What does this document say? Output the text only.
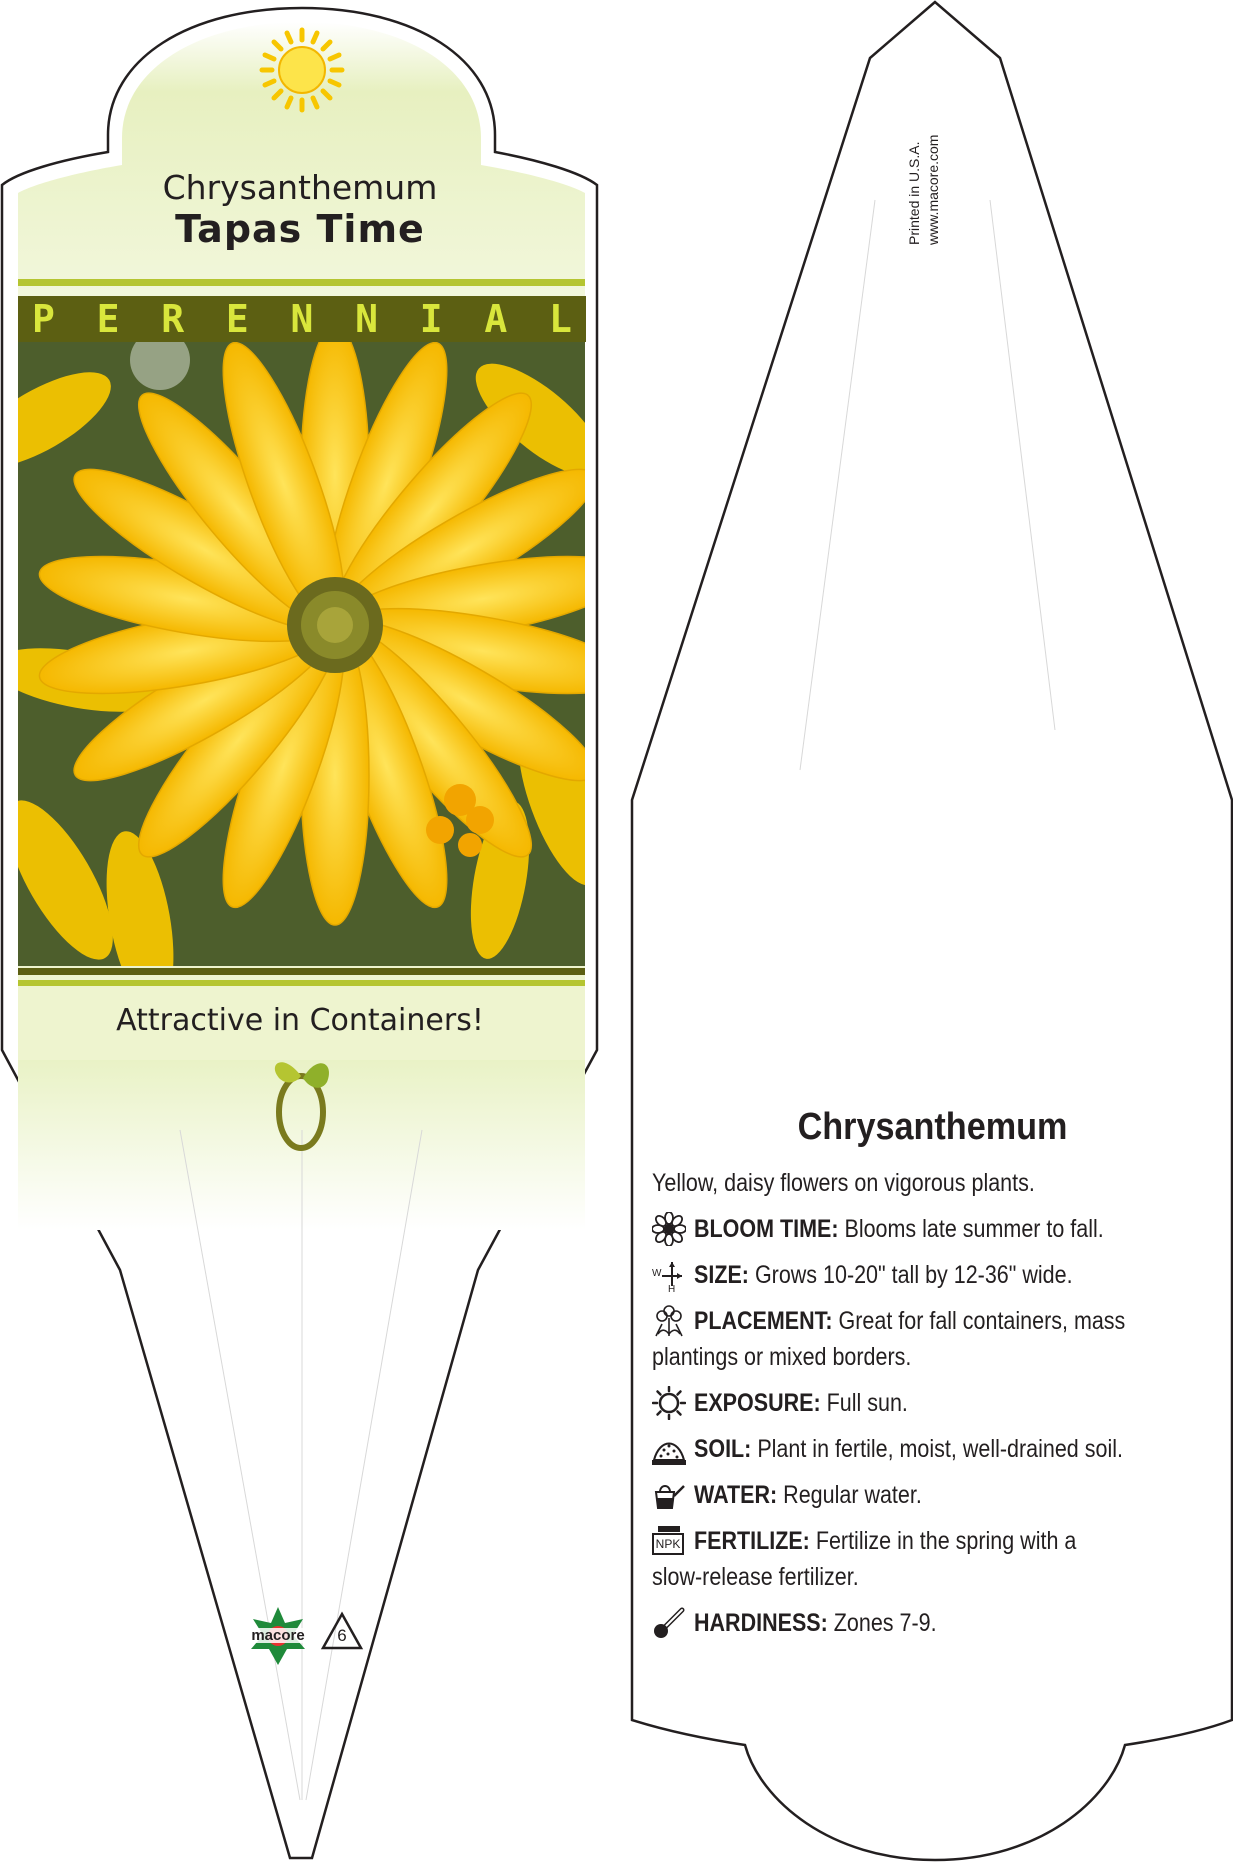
Chrysanthemum
Tapas Time
P E R E N N I A L
Attractive in Containers!
macore	6
Printed in U.S.A. www.macore.com
Chrysanthemum
Yellow, daisy flowers on vigorous plants.
BLOOM TIME: Blooms late summer to fall.
W
H
SIZE: Grows 10-20" tall by 12-36" wide.
PLACEMENT: Great for fall containers, mass
plantings or mixed borders.
EXPOSURE: Full sun.
SOIL: Plant in fertile, moist, well-drained soil.
WATER: Regular water.
NPK FERTILIZE: Fertilize in the spring with a
slow-release fertilizer.
HARDINESS: Zones 7-9.
